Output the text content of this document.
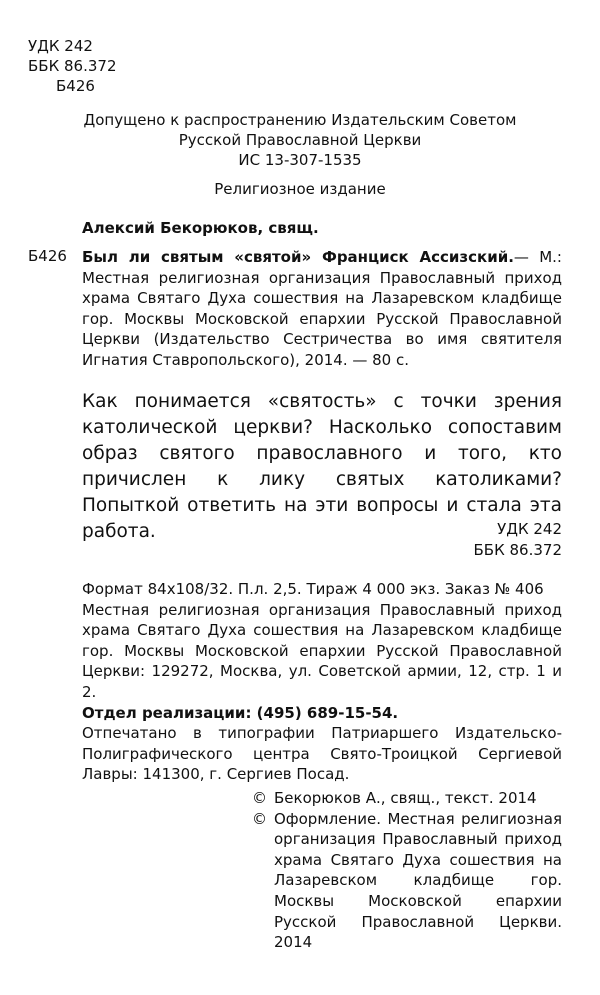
УДК 242
ББК 86.372
Б426
Допущено к распространению Издательским Советом
Русской Православной Церкви
ИС 13-307-1535
Религиозное издание
Алексий Бекорюков, свящ.
Б426 Был ли святым «святой» Франциск Ассизский.— М.: Местная религиозная организация Православный приход храма Святаго Духа сошествия на Лазаревском кладбище гор. Москвы Московской епархии Русской Православной Церкви (Издательство Сестричества во имя святителя Игнатия Ставропольского), 2014. — 80 с.
Как понимается «святость» с точки зрения католической церкви? Насколько сопоставим образ святого православного и того, кто причислен к лику святых католиками? Попыткой ответить на эти вопросы и стала эта работа.	УДК 242
ББК 86.372

Формат 84х108/32. П.л. 2,5. Тираж 4 000 экз. Заказ № 406

Местная религиозная организация Православный приход храма Святаго Духа сошествия на Лазаревском кладбище гор. Москвы Московской епархии Русской Православной Церкви: 129272, Москва, ул. Советской армии, 12, стр. 1 и 2.

Отдел реализации: (495) 689-15-54.

Отпечатано в типографии Патриаршего Издательско-Полиграфического центра Свято-Троицкой Сергиевой Лавры: 141300, г. Сергиев Посад.

© Бекорюков А., свящ., текст. 2014
© Оформление. Местная религиозная организация Православный приход храма Святаго Духа сошествия на Лазаревском кладбище гор. Москвы Московской епархии Русской Православной Церкви. 2014
